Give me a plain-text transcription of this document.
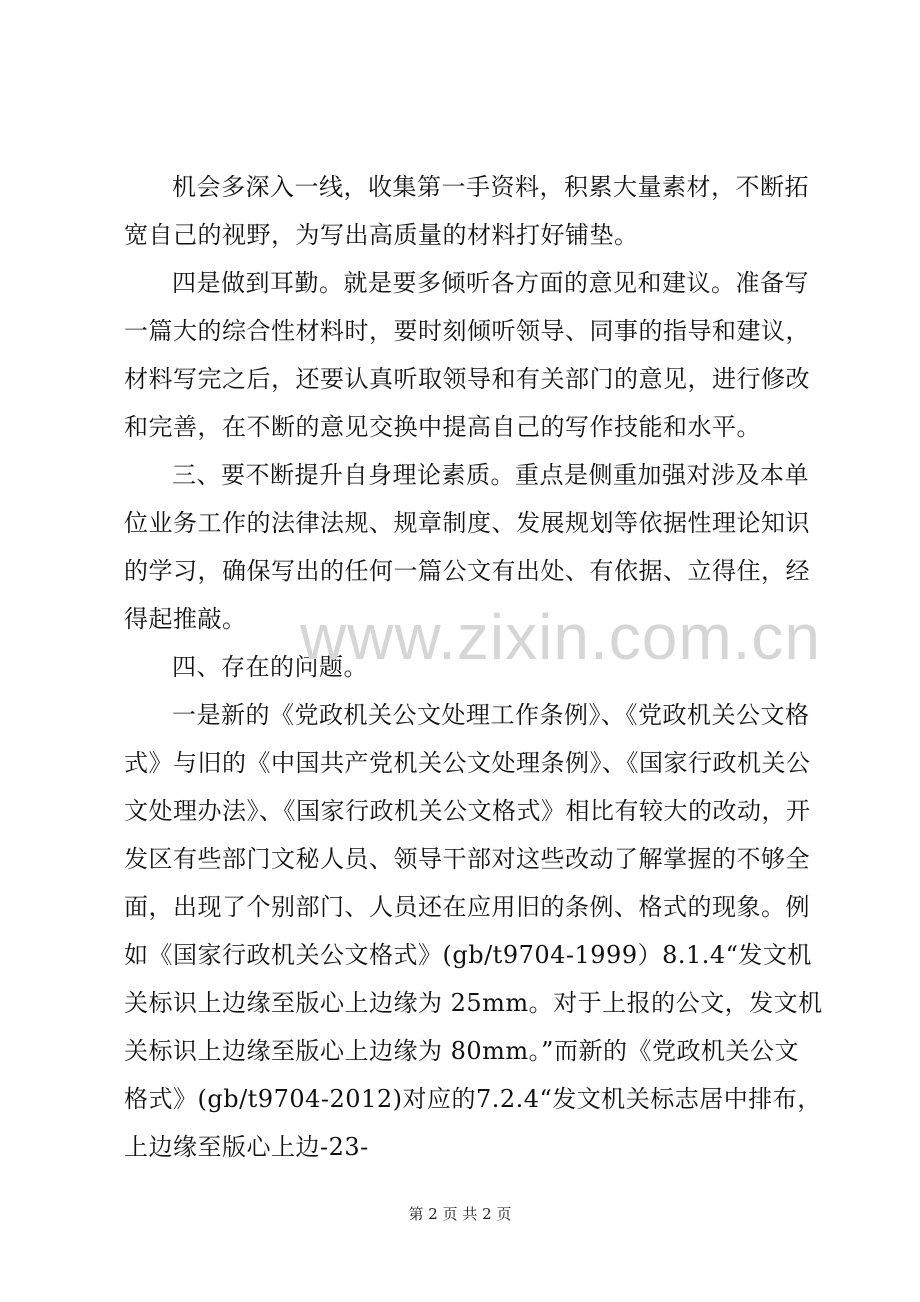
机会多深入一线，收集第一手资料，积累大量素材，不断拓
宽自己的视野，为写出高质量的材料打好铺垫。
四是做到耳勤。就是要多倾听各方面的意见和建议。准备写
一篇大的综合性材料时，要时刻倾听领导、同事的指导和建议，
材料写完之后，还要认真听取领导和有关部门的意见，进行修改
和完善，在不断的意见交换中提高自己的写作技能和水平。
三、要不断提升自身理论素质。重点是侧重加强对涉及本单
位业务工作的法律法规、规章制度、发展规划等依据性理论知识
的学习，确保写出的任何一篇公文有出处、有依据、立得住，经
得起推敲。
四、存在的问题。
一是新的《党政机关公文处理工作条例》、《党政机关公文格
式》与旧的《中国共产党机关公文处理条例》、《国家行政机关公
文处理办法》、《国家行政机关公文格式》相比有较大的改动，开
发区有些部门文秘人员、领导干部对这些改动了解掌握的不够全
面，出现了个别部门、人员还在应用旧的条例、格式的现象。例
如《国家行政机关公文格式》(gb/t9704-1999）8.1.4“发文机
关标识上边缘至版心上边缘为 25mm。对于上报的公文，发文机
关标识上边缘至版心上边缘为 80mm。”而新的《党政机关公文
格式》(gb/t9704-2012)对应的7.2.4“发文机关标志居中排布，
上边缘至版心上边-23-
www.zixin.com.cn
第 2 页 共 2 页
